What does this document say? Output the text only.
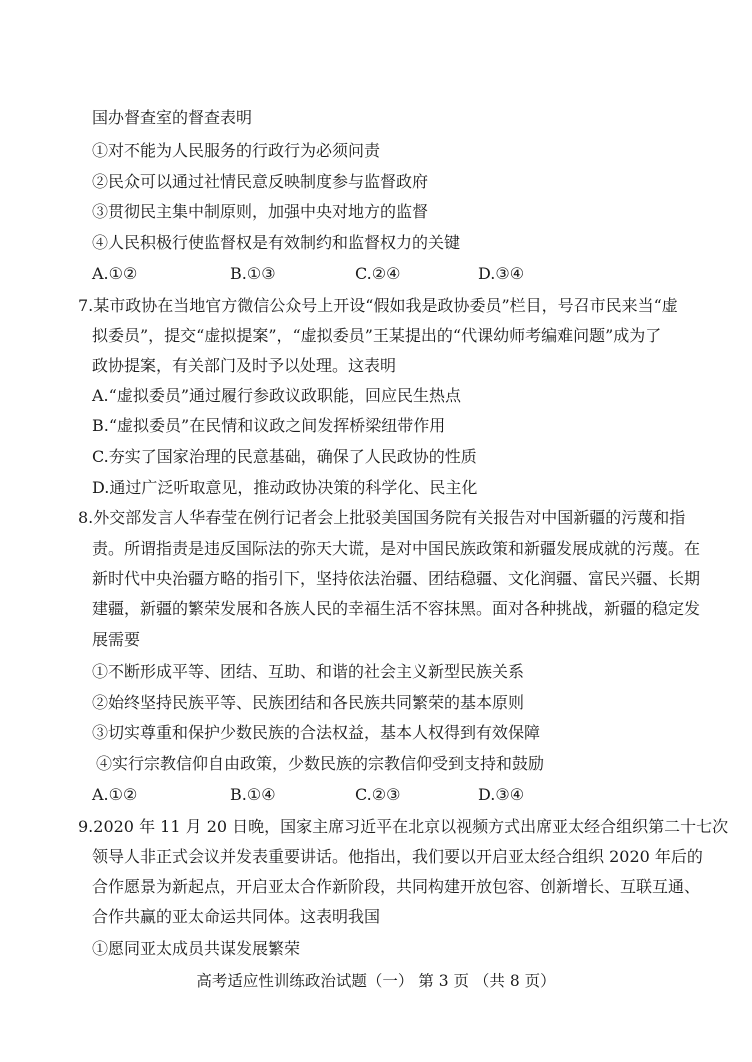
国办督查室的督查表明
①对不能为人民服务的行政行为必须问责
②民众可以通过社情民意反映制度参与监督政府
③贯彻民主集中制原则，加强中央对地方的监督
④人民积极行使监督权是有效制约和监督权力的关键
A.①②	B.①③	C.②④	D.③④
7.某市政协在当地官方微信公众号上开设“假如我是政协委员”栏目，号召市民来当“虚
拟委员”，提交“虚拟提案”，“虚拟委员”王某提出的“代课幼师考编难问题”成为了
政协提案，有关部门及时予以处理。这表明
A.“虚拟委员”通过履行参政议政职能，回应民生热点
B.“虚拟委员”在民情和议政之间发挥桥梁纽带作用
C.夯实了国家治理的民意基础，确保了人民政协的性质
D.通过广泛听取意见，推动政协决策的科学化、民主化
8.外交部发言人华春莹在例行记者会上批驳美国国务院有关报告对中国新疆的污蔑和指
责。所谓指责是违反国际法的弥天大谎，是对中国民族政策和新疆发展成就的污蔑。在
新时代中央治疆方略的指引下，坚持依法治疆、团结稳疆、文化润疆、富民兴疆、长期
建疆，新疆的繁荣发展和各族人民的幸福生活不容抹黑。面对各种挑战，新疆的稳定发
展需要
①不断形成平等、团结、互助、和谐的社会主义新型民族关系
②始终坚持民族平等、民族团结和各民族共同繁荣的基本原则
③切实尊重和保护少数民族的合法权益，基本人权得到有效保障
④实行宗教信仰自由政策，少数民族的宗教信仰受到支持和鼓励
A.①②	B.①④	C.②③	D.③④
9.2020 年 11 月 20 日晚，国家主席习近平在北京以视频方式出席亚太经合组织第二十七次
领导人非正式会议并发表重要讲话。他指出，我们要以开启亚太经合组织 2020 年后的
合作愿景为新起点，开启亚太合作新阶段，共同构建开放包容、创新增长、互联互通、
合作共赢的亚太命运共同体。这表明我国
①愿同亚太成员共谋发展繁荣
高考适应性训练政治试题（一） 第 3 页 （共 8 页）
